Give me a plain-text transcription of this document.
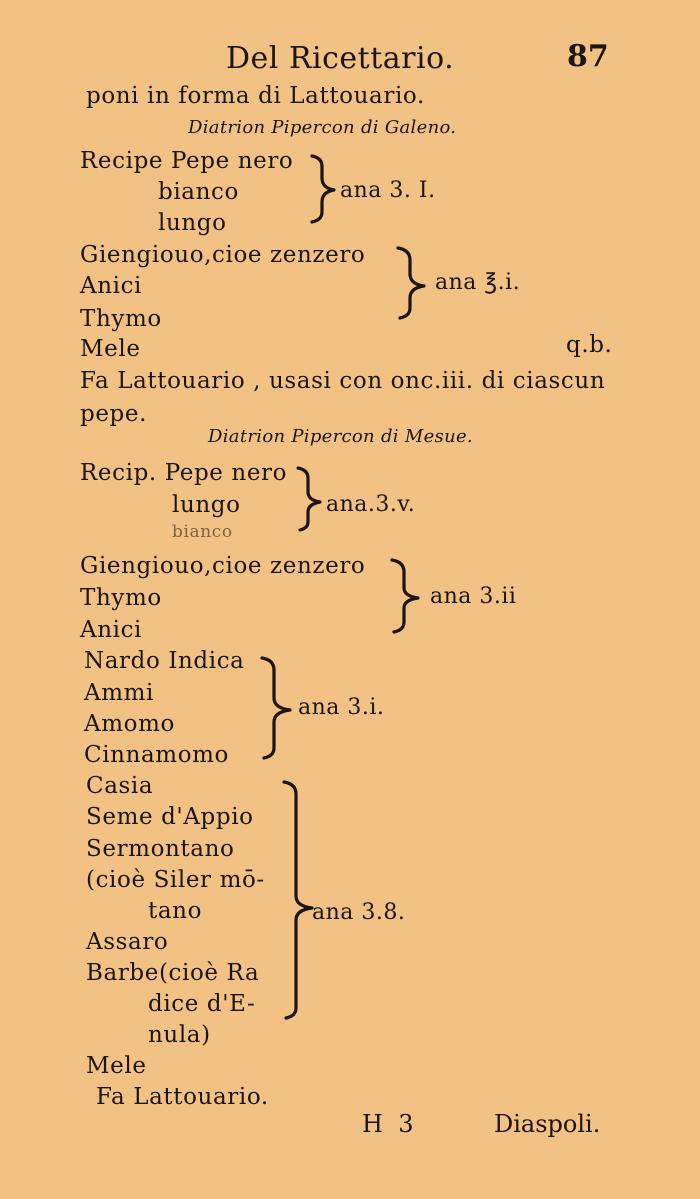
Del Ricettario.	87
poni in forma di Lattouario.
Diatrion Pipercon di Galeno.
Recipe Pepe nero
bianco
lungo
ana 3. I.
Giengiouo,cioe zenzero
Anici
Thymo
ana ℥.i.
Mele	q.b.
Fa Lattouario , usasi con onc.iii. di ciascun
pepe.
Diatrion Pipercon di Mesue.
Recip. Pepe nero
lungo
bianco
ana.3.v.
Giengiouo,cioe zenzero
Thymo
Anici
ana 3.ii
Nardo Indica
Ammi
Amomo
Cinnamomo
ana 3.i.
Casia
Seme d'Appio
Sermontano
(cioè Siler mō-
tano
Assaro
Barbe(cioè Ra
dice d'E-
nula)
ana 3.8.
Mele
Fa Lattouario.
H  3	Diaspoli.
